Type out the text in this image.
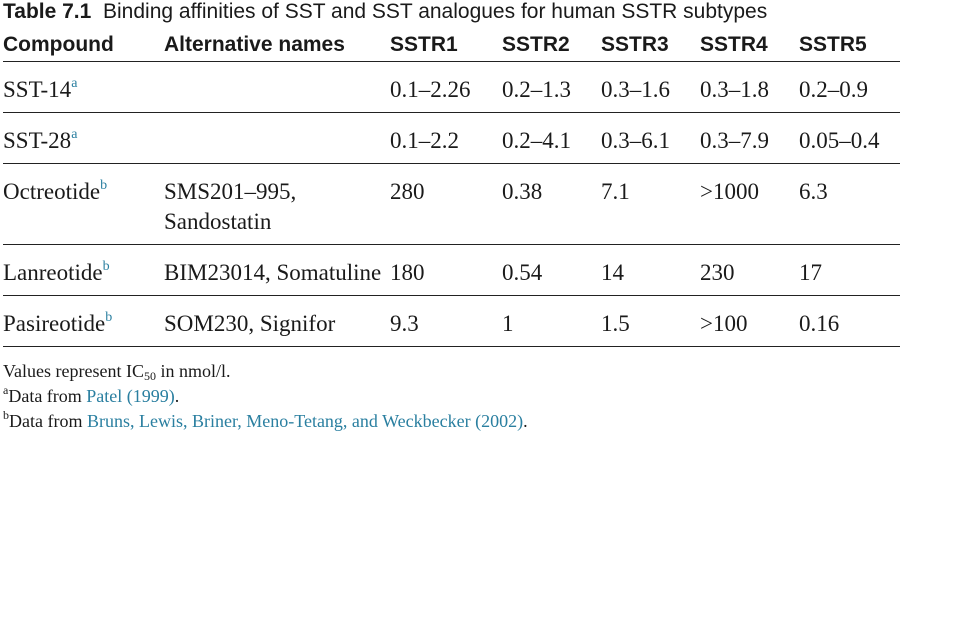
Table 7.1 Binding affinities of SST and SST analogues for human SSTR subtypes

Compound	Alternative names	SSTR1	SSTR2	SSTR3	SSTR4	SSTR5
SST-14$^a$		0.1–2.26	0.2–1.3	0.3–1.6	0.3–1.8	0.2–0.9
SST-28$^a$		0.1–2.2	0.2–4.1	0.3–6.1	0.3–7.9	0.05–0.4
Octreotide$^b$	SMS201–995, Sandostatin	280	0.38	7.1	>1000	6.3
Lanreotide$^b$	BIM23014, Somatuline	180	0.54	14	230	17
Pasireotide$^b$	SOM230, Signifor	9.3	1	1.5	>100	0.16

Values represent $IC_{50}$ in nmol/l.

$^a$Data from Patel (1999).

$^b$Data from Bruns, Lewis, Briner, Meno-Tetang, and Weckbecker (2002).
